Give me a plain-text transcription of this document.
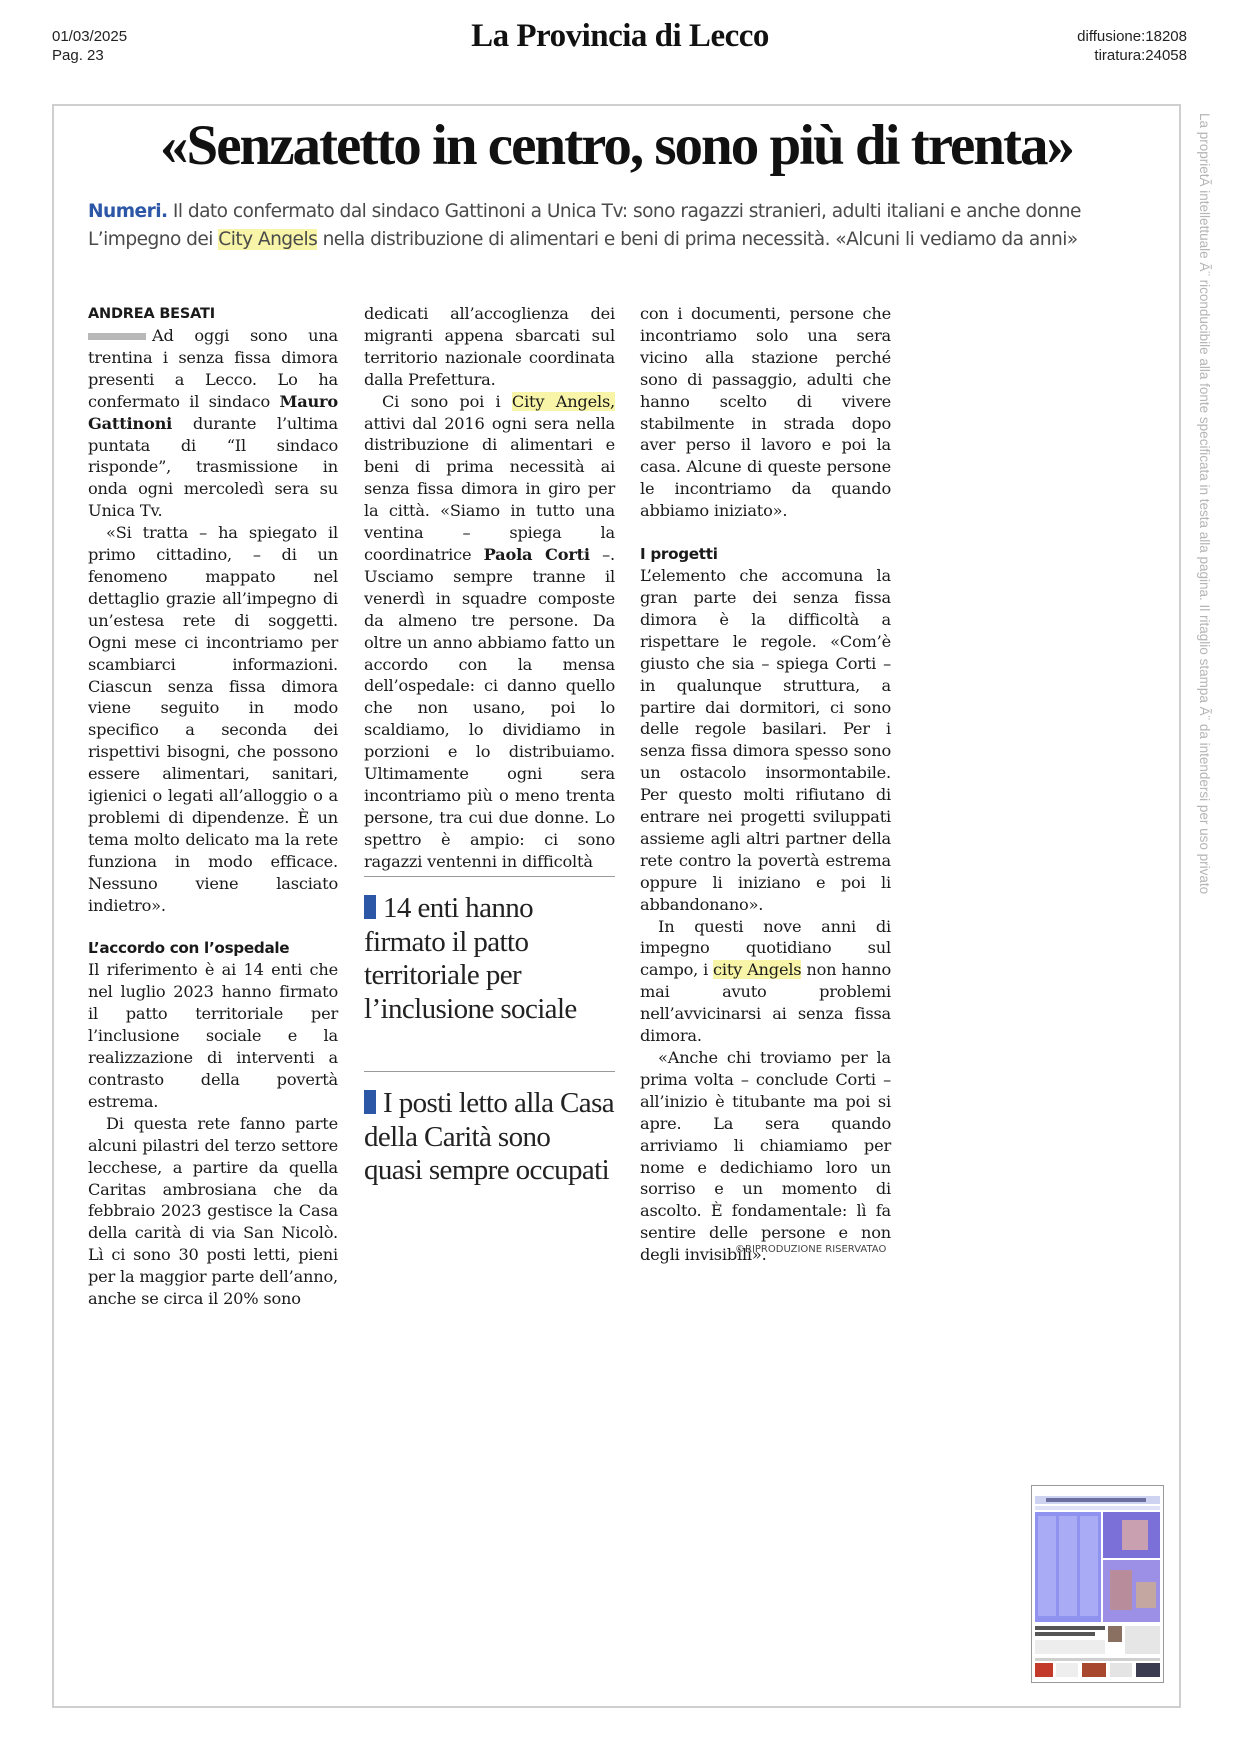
01/03/2025
Pag. 23
La Provincia di Lecco	diffusione:18208
tiratura:24058
La proprietÃ intellettuale Ã¨ riconducibile alla fonte specificata in testa alla pagina. Il ritaglio stampa Ã¨ da intendersi per uso privato
«Senzatetto in centro, sono più di trenta»
Numeri. Il dato confermato dal sindaco Gattinoni a Unica Tv: sono ragazzi stranieri, adulti italiani e anche donne
L’impegno dei City Angels nella distribuzione di alimentari e beni di prima necessità. «Alcuni li vediamo da anni»
ANDREA BESATI

Ad oggi sono una trentina i senza fissa dimora presenti a Lecco. Lo ha confermato il sindaco Mauro Gattinoni durante l’ultima puntata di “Il sindaco risponde”, trasmissione in onda ogni mercoledì sera su Unica Tv.

«Si tratta – ha spiegato il primo cittadino, – di un fenomeno mappato nel dettaglio grazie all’impegno di un’estesa rete di soggetti. Ogni mese ci incontriamo per scambiarci informazioni. Ciascun senza fissa dimora viene seguito in modo specifico a seconda dei rispettivi bisogni, che possono essere alimentari, sanitari, igienici o legati all’alloggio o a problemi di dipendenze. È un tema molto delicato ma la rete funziona in modo efficace. Nessuno viene lasciato indietro».

L’accordo con l’ospedale

Il riferimento è ai 14 enti che nel luglio 2023 hanno firmato il patto territoriale per l’inclusione sociale e la realizzazione di interventi a contrasto della povertà estrema.

Di questa rete fanno parte alcuni pilastri del terzo settore lecchese, a partire da quella Caritas ambrosiana che da febbraio 2023 gestisce la Casa della carità di via San Nicolò. Lì ci sono 30 posti letti, pieni per la maggior parte dell’anno, anche se circa il 20% sono

dedicati all’accoglienza dei migranti appena sbarcati sul territorio nazionale coordinata dalla Prefettura.

Ci sono poi i City Angels, attivi dal 2016 ogni sera nella distribuzione di alimentari e beni di prima necessità ai senza fissa dimora in giro per la città. «Siamo in tutto una ventina – spiega la coordinatrice Paola Corti –. Usciamo sempre tranne il venerdì in squadre composte da almeno tre persone. Da oltre un anno abbiamo fatto un accordo con la mensa dell’ospedale: ci danno quello che non usano, poi lo scaldiamo, lo dividiamo in porzioni e lo distribuiamo. Ultimamente ogni sera incontriamo più o meno trenta persone, tra cui due donne. Lo spettro è ampio: ci sono ragazzi ventenni in difficoltà

14 enti hanno firmato il patto territoriale per l’inclusione sociale
I posti letto alla Casa della Carità sono quasi sempre occupati

con i documenti, persone che incontriamo solo una sera vicino alla stazione perché sono di passaggio, adulti che hanno scelto di vivere stabilmente in strada dopo aver perso il lavoro e poi la casa. Alcune di queste persone le incontriamo da quando abbiamo iniziato».

I progetti

L’elemento che accomuna la gran parte dei senza fissa dimora è la difficoltà a rispettare le regole. «Com’è giusto che sia – spiega Corti – in qualunque struttura, a partire dai dormitori, ci sono delle regole basilari. Per i senza fissa dimora spesso sono un ostacolo insormontabile. Per questo molti rifiutano di entrare nei progetti sviluppati assieme agli altri partner della rete contro la povertà estrema oppure li iniziano e poi li abbandonano».

In questi nove anni di impegno quotidiano sul campo, i city Angels non hanno mai avuto problemi nell’avvicinarsi ai senza fissa dimora.

«Anche chi troviamo per la prima volta – conclude Corti – all’inizio è titubante ma poi si apre. La sera quando arriviamo li chiamiamo per nome e dedichiamo loro un sorriso e un momento di ascolto. È fondamentale: lì fa sentire delle persone e non degli invisibili».

©RIPRODUZIONE RISERVATAO
